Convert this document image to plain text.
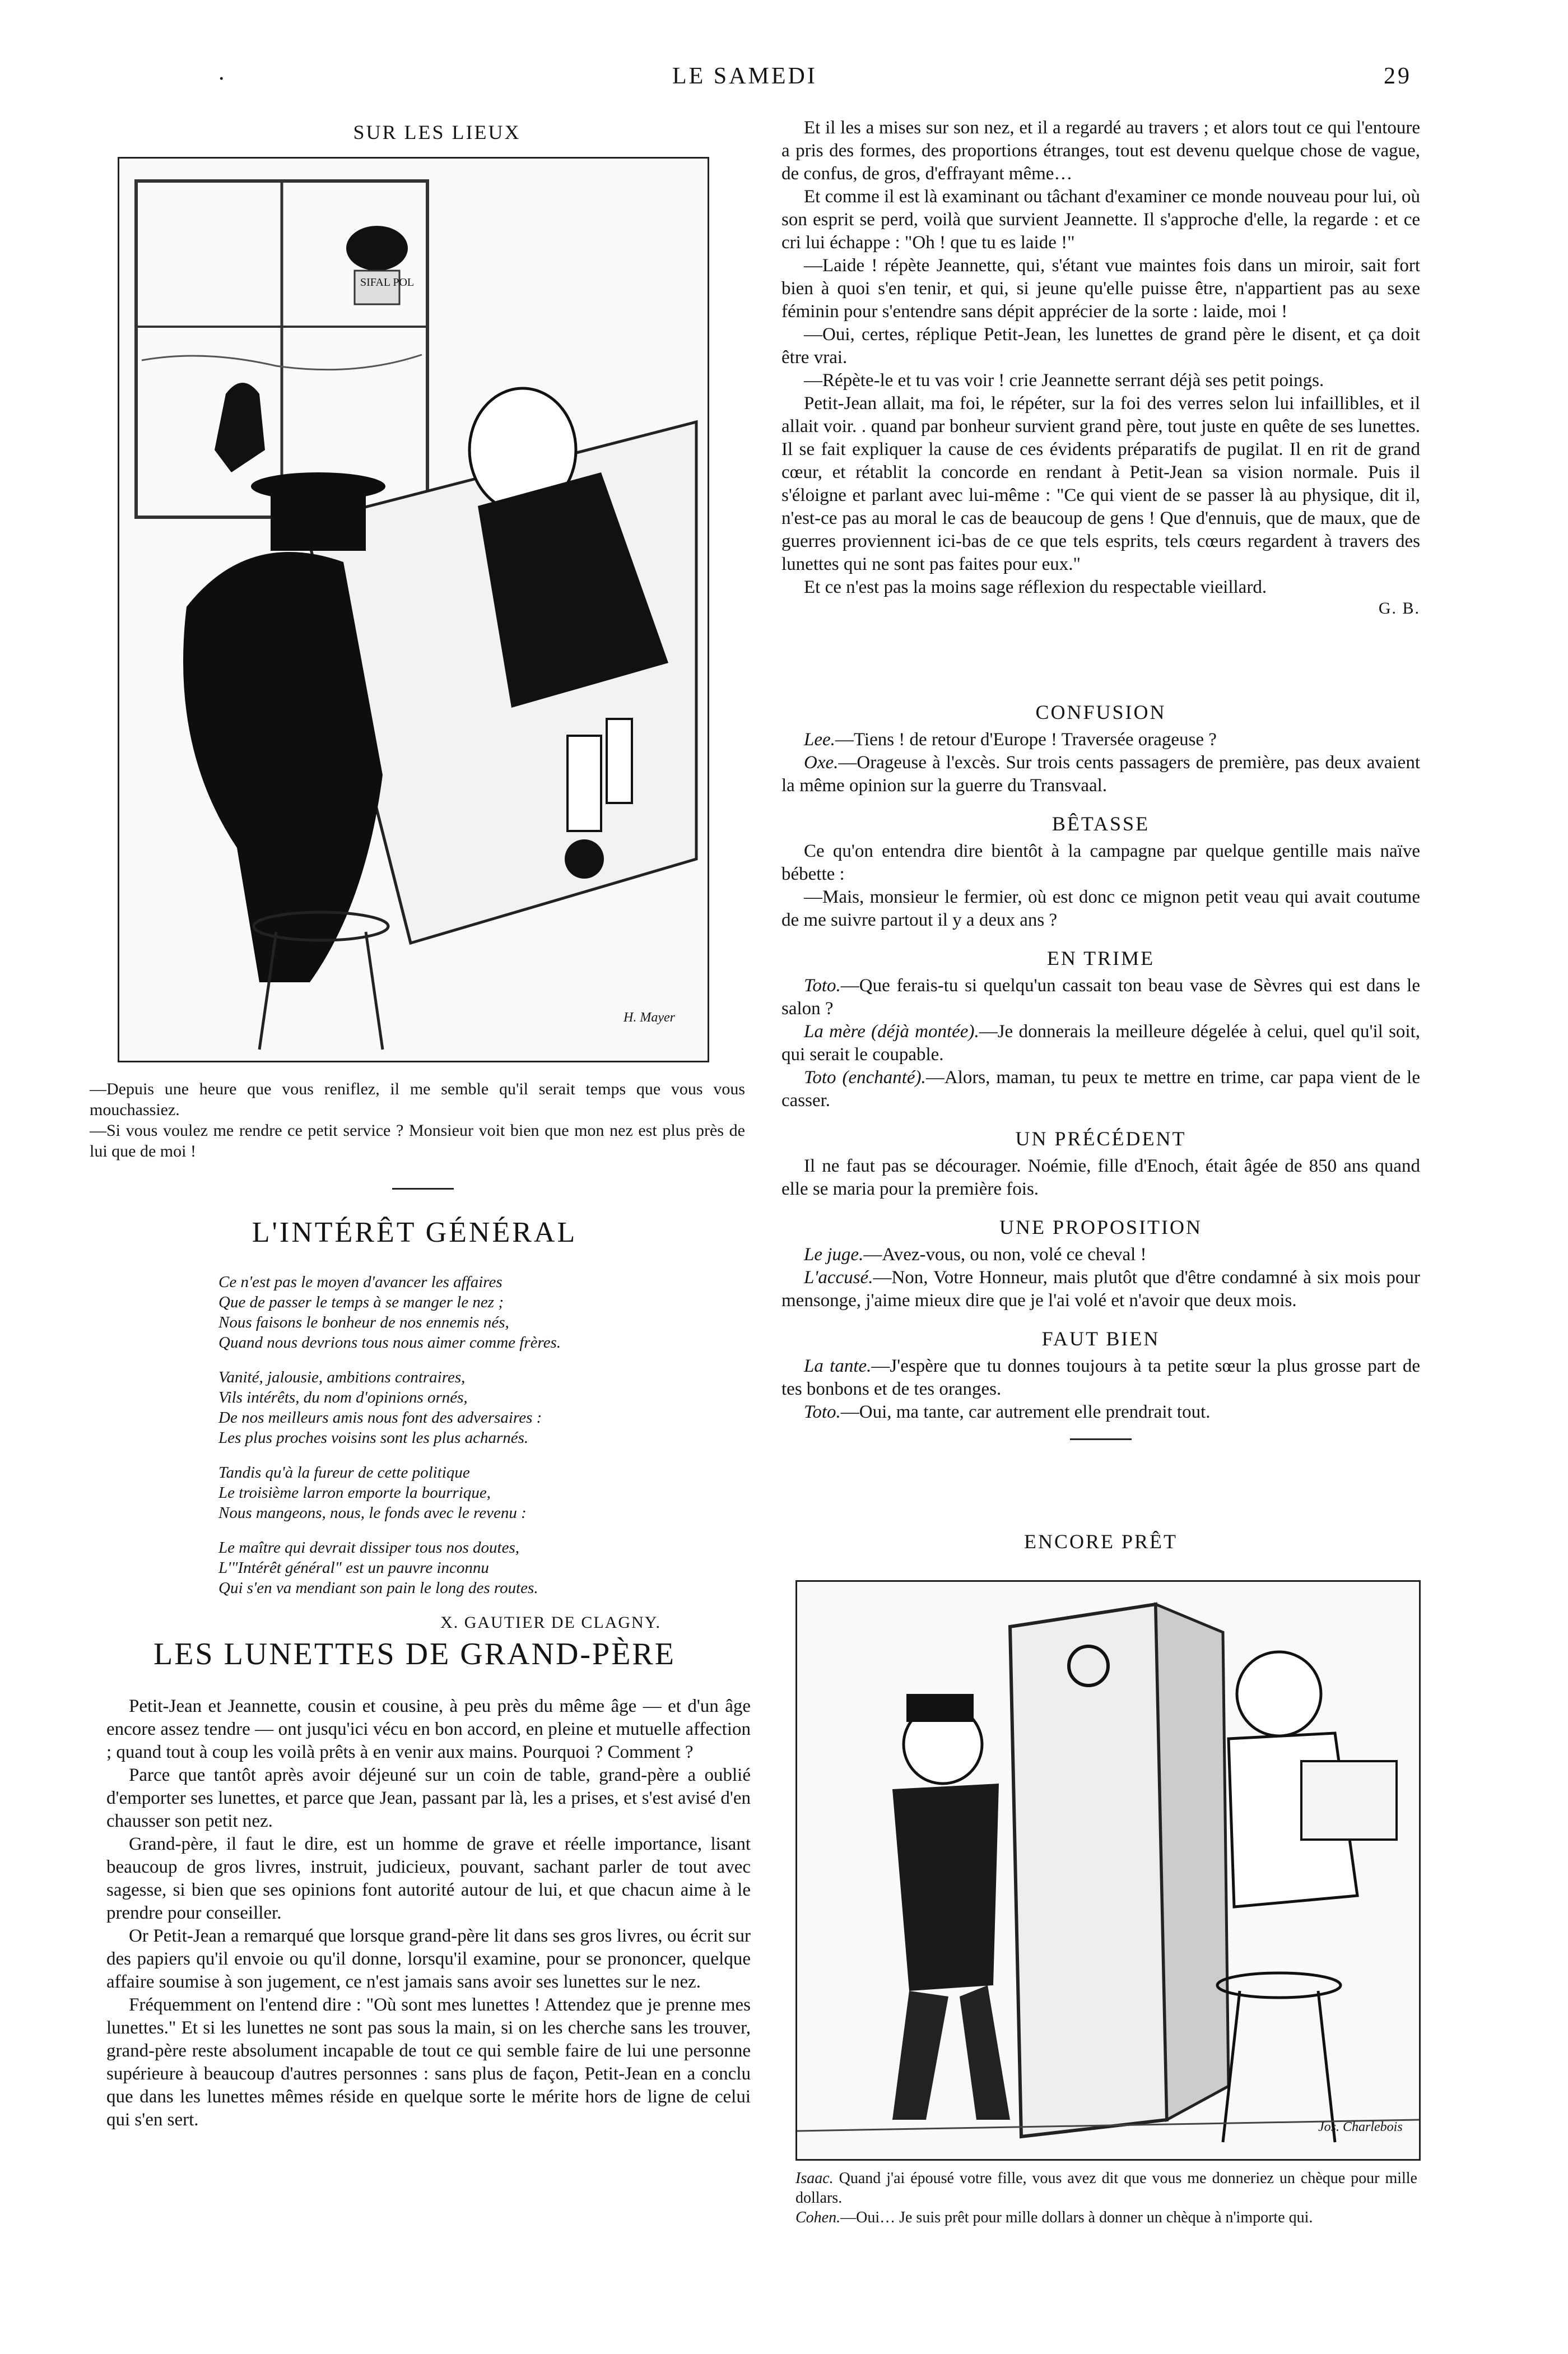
.	LE SAMEDI	29
SUR LES LIEUX
H. Mayer
SIFAL POL
—Depuis une heure que vous reniflez, il me semble qu'il serait temps que vous vous mouchassiez.
—Si vous voulez me rendre ce petit service ? Monsieur voit bien que mon nez est plus près de lui que de moi !
L'INTÉRÊT GÉNÉRAL

Ce n'est pas le moyen d'avancer les affaires

Que de passer le temps à se manger le nez ;

Nous faisons le bonheur de nos ennemis nés,

Quand nous devrions tous nous aimer comme frères.

Vanité, jalousie, ambitions contraires,

Vils intérêts, du nom d'opinions ornés,

De nos meilleurs amis nous font des adversaires :

Les plus proches voisins sont les plus acharnés.

Tandis qu'à la fureur de cette politique

Le troisième larron emporte la bourrique,

Nous mangeons, nous, le fonds avec le revenu :

Le maître qui devrait dissiper tous nos doutes,

L'"Intérêt général" est un pauvre inconnu

Qui s'en va mendiant son pain le long des routes.

X. GAUTIER DE CLAGNY.
LES LUNETTES DE GRAND-PÈRE

Petit-Jean et Jeannette, cousin et cousine, à peu près du même âge — et d'un âge encore assez tendre — ont jusqu'ici vécu en bon accord, en pleine et mutuelle affection ; quand tout à coup les voilà prêts à en venir aux mains. Pourquoi ? Comment ?

Parce que tantôt après avoir déjeuné sur un coin de table, grand-père a oublié d'emporter ses lunettes, et parce que Jean, passant par là, les a prises, et s'est avisé d'en chausser son petit nez.

Grand-père, il faut le dire, est un homme de grave et réelle importance, lisant beaucoup de gros livres, instruit, judicieux, pouvant, sachant parler de tout avec sagesse, si bien que ses opinions font autorité autour de lui, et que chacun aime à le prendre pour conseiller.

Or Petit-Jean a remarqué que lorsque grand-père lit dans ses gros livres, ou écrit sur des papiers qu'il envoie ou qu'il donne, lorsqu'il examine, pour se prononcer, quelque affaire soumise à son jugement, ce n'est jamais sans avoir ses lunettes sur le nez.

Fréquemment on l'entend dire : "Où sont mes lunettes ! Attendez que je prenne mes lunettes." Et si les lunettes ne sont pas sous la main, si on les cherche sans les trouver, grand-père reste absolument incapable de tout ce qui semble faire de lui une personne supérieure à beaucoup d'autres personnes : sans plus de façon, Petit-Jean en a conclu que dans les lunettes mêmes réside en quelque sorte le mérite hors de ligne de celui qui s'en sert.

Et il les a mises sur son nez, et il a regardé au travers ; et alors tout ce qui l'entoure a pris des formes, des proportions étranges, tout est devenu quelque chose de vague, de confus, de gros, d'effrayant même…

Et comme il est là examinant ou tâchant d'examiner ce monde nouveau pour lui, où son esprit se perd, voilà que survient Jeannette. Il s'approche d'elle, la regarde : et ce cri lui échappe : "Oh ! que tu es laide !"

—Laide ! répète Jeannette, qui, s'étant vue maintes fois dans un miroir, sait fort bien à quoi s'en tenir, et qui, si jeune qu'elle puisse être, n'appartient pas au sexe féminin pour s'entendre sans dépit apprécier de la sorte : laide, moi !

—Oui, certes, réplique Petit-Jean, les lunettes de grand père le disent, et ça doit être vrai.

—Répète-le et tu vas voir ! crie Jeannette serrant déjà ses petit poings.

Petit-Jean allait, ma foi, le répéter, sur la foi des verres selon lui infaillibles, et il allait voir. . quand par bonheur survient grand père, tout juste en quête de ses lunettes. Il se fait expliquer la cause de ces évidents préparatifs de pugilat. Il en rit de grand cœur, et rétablit la concorde en rendant à Petit-Jean sa vision normale. Puis il s'éloigne et parlant avec lui-même : "Ce qui vient de se passer là au physique, dit il, n'est-ce pas au moral le cas de beaucoup de gens ! Que d'ennuis, que de maux, que de guerres proviennent ici-bas de ce que tels esprits, tels cœurs regardent à travers des lunettes qui ne sont pas faites pour eux."

Et ce n'est pas la moins sage réflexion du respectable vieillard.

G. B.
CONFUSION

Lee.—Tiens ! de retour d'Europe ! Traversée orageuse ?

Oxe.—Orageuse à l'excès. Sur trois cents passagers de première, pas deux avaient la même opinion sur la guerre du Transvaal.

BÊTASSE

Ce qu'on entendra dire bientôt à la campagne par quelque gentille mais naïve bébette :

—Mais, monsieur le fermier, où est donc ce mignon petit veau qui avait coutume de me suivre partout il y a deux ans ?

EN TRIME

Toto.—Que ferais-tu si quelqu'un cassait ton beau vase de Sèvres qui est dans le salon ?

La mère (déjà montée).—Je donnerais la meilleure dégelée à celui, quel qu'il soit, qui serait le coupable.

Toto (enchanté).—Alors, maman, tu peux te mettre en trime, car papa vient de le casser.

UN PRÉCÉDENT

Il ne faut pas se décourager. Noémie, fille d'Enoch, était âgée de 850 ans quand elle se maria pour la première fois.

UNE PROPOSITION

Le juge.—Avez-vous, ou non, volé ce cheval !

L'accusé.—Non, Votre Honneur, mais plutôt que d'être condamné à six mois pour mensonge, j'aime mieux dire que je l'ai volé et n'avoir que deux mois.

FAUT BIEN

La tante.—J'espère que tu donnes toujours à ta petite sœur la plus grosse part de tes bonbons et de tes oranges.

Toto.—Oui, ma tante, car autrement elle prendrait tout.

ENCORE PRÊT
Jos. Charlebois
Isaac. Quand j'ai épousé votre fille, vous avez dit que vous me donneriez un chèque pour mille dollars.
Cohen.—Oui… Je suis prêt pour mille dollars à donner un chèque à n'importe qui.
